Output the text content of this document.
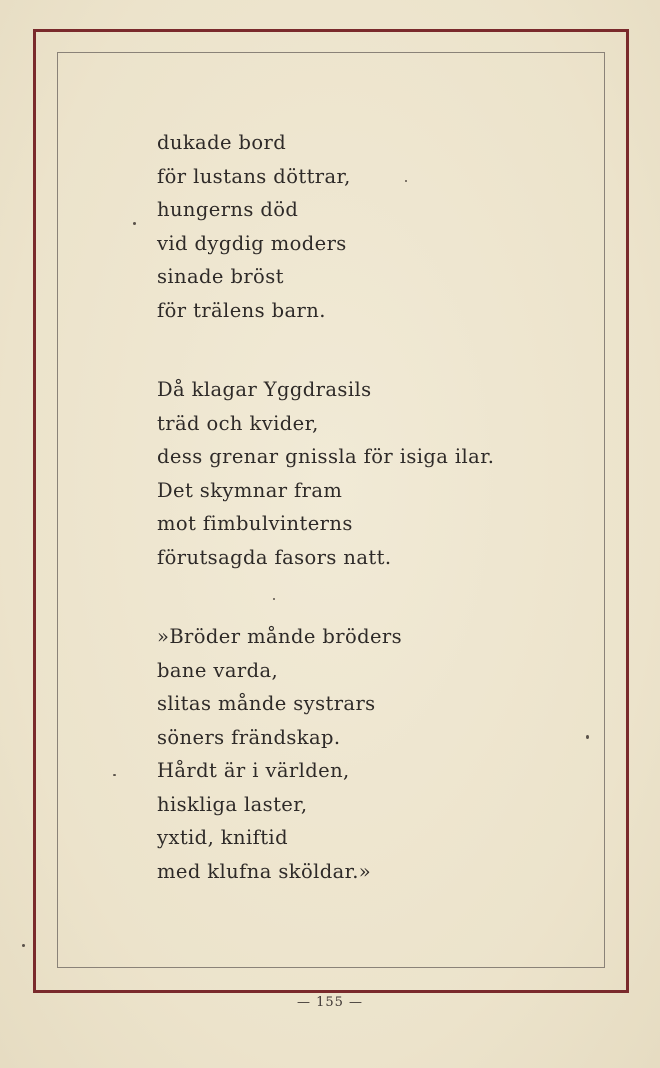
dukade bord
för lustans döttrar,
hungerns död
vid dygdig moders
sinade bröst
för trälens barn.
Då klagar Yggdrasils
träd och kvider,
dess grenar gnissla för isiga ilar.
Det skymnar fram
mot fimbulvinterns
förutsagda fasors natt.
»Bröder månde bröders
bane varda,
slitas månde systrars
söners frändskap.
Hårdt är i världen,
hiskliga laster,
yxtid, kniftid
med klufna sköldar.»
— 155 —
